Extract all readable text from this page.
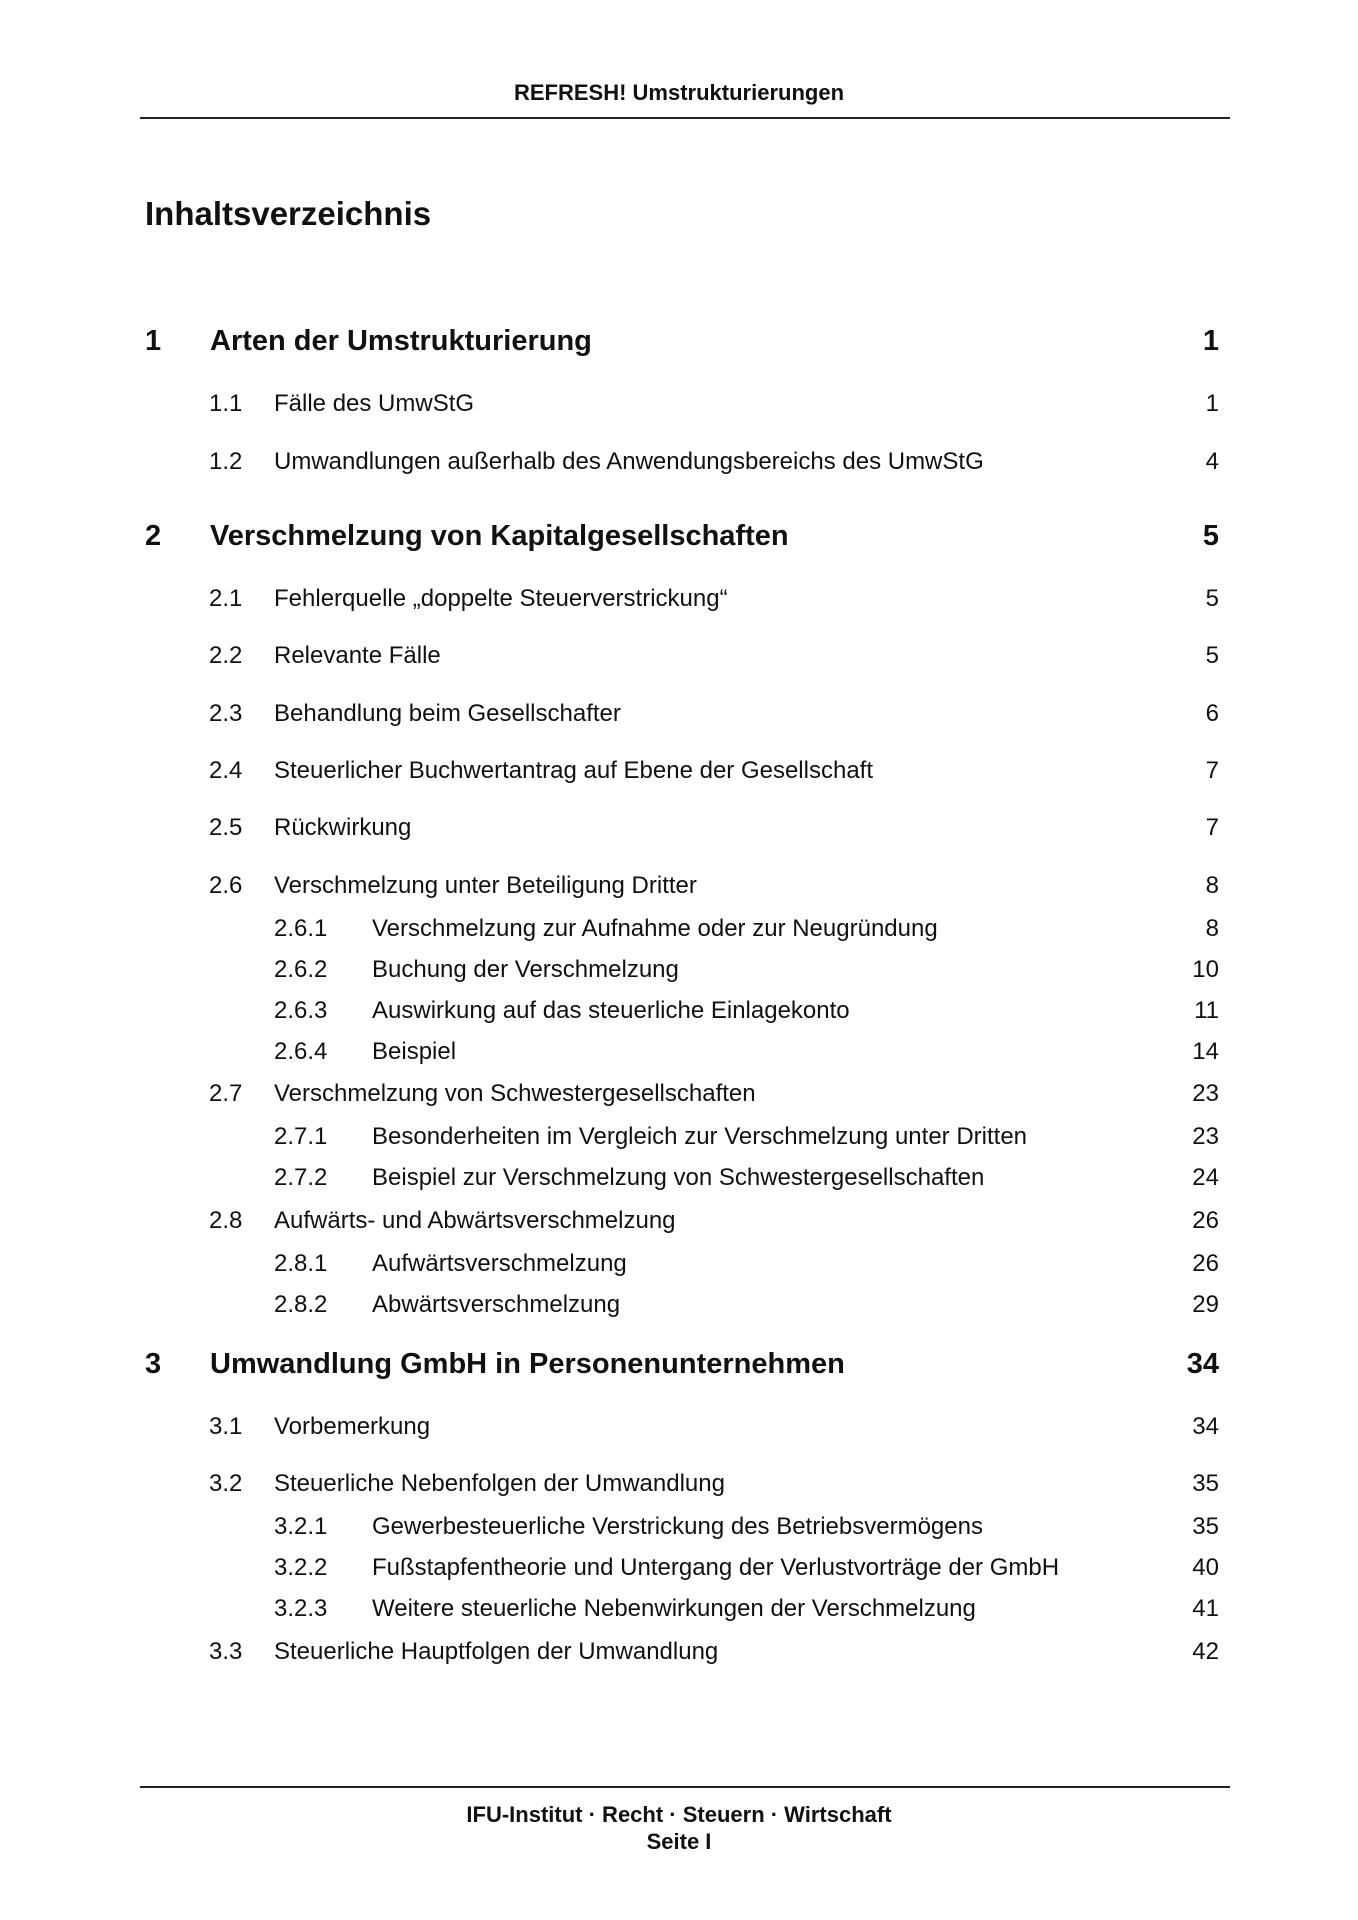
REFRESH! Umstrukturierungen
Inhaltsverzeichnis
1 Arten der Umstrukturierung	1
1.1 Fälle des UmwStG	1
1.2 Umwandlungen außerhalb des Anwendungsbereichs des UmwStG	4
2 Verschmelzung von Kapitalgesellschaften	5
2.1 Fehlerquelle „doppelte Steuerverstrickung“	5
2.2 Relevante Fälle	5
2.3 Behandlung beim Gesellschafter	6
2.4 Steuerlicher Buchwertantrag auf Ebene der Gesellschaft	7
2.5 Rückwirkung	7
2.6 Verschmelzung unter Beteiligung Dritter	8
2.6.1 Verschmelzung zur Aufnahme oder zur Neugründung	8
2.6.2 Buchung der Verschmelzung	10
2.6.3 Auswirkung auf das steuerliche Einlagekonto	11
2.6.4 Beispiel	14
2.7 Verschmelzung von Schwestergesellschaften	23
2.7.1 Besonderheiten im Vergleich zur Verschmelzung unter Dritten	23
2.7.2 Beispiel zur Verschmelzung von Schwestergesellschaften	24
2.8 Aufwärts- und Abwärtsverschmelzung	26
2.8.1 Aufwärtsverschmelzung	26
2.8.2 Abwärtsverschmelzung	29
3 Umwandlung GmbH in Personenunternehmen	34
3.1 Vorbemerkung	34
3.2 Steuerliche Nebenfolgen der Umwandlung	35
3.2.1 Gewerbesteuerliche Verstrickung des Betriebsvermögens	35
3.2.2 Fußstapfentheorie und Untergang der Verlustvorträge der GmbH	40
3.2.3 Weitere steuerliche Nebenwirkungen der Verschmelzung	41
3.3 Steuerliche Hauptfolgen der Umwandlung	42
IFU-Institut · Recht · Steuern · Wirtschaft
Seite I
